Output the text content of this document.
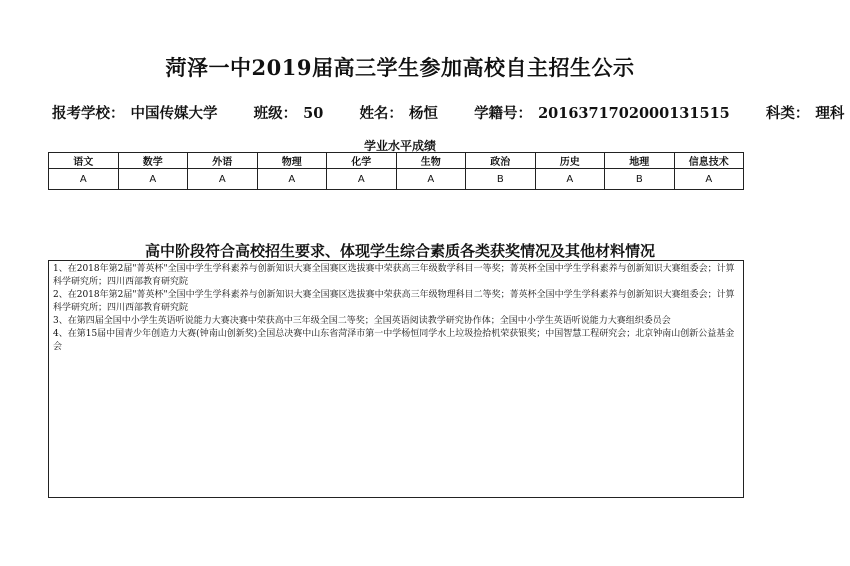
菏泽一中2019届高三学生参加高校自主招生公示
报考学校： 中国传媒大学 班级： 50 姓名： 杨恒 学籍号： 2016371702000131515 科类： 理科
学业水平成绩
语文	数学	外语	物理	化学	生物	政治	历史	地理	信息技术
A	A	A	A	A	A	B	A	B	A
高中阶段符合高校招生要求、体现学生综合素质各类获奖情况及其他材料情况

1、在2018年第2届"菁英杯"全国中学生学科素养与创新知识大赛全国赛区选拔赛中荣获高三年级数学科目一等奖；菁英杯全国中学生学科素养与创新知识大赛组委会；计算科学研究所；四川西部教育研究院

2、在2018年第2届"菁英杯"全国中学生学科素养与创新知识大赛全国赛区选拔赛中荣获高三年级物理科目二等奖；菁英杯全国中学生学科素养与创新知识大赛组委会；计算科学研究所；四川西部教育研究院

3、在第四届全国中小学生英语听说能力大赛决赛中荣获高中三年级全国二等奖；全国英语阅读教学研究协作体；全国中小学生英语听说能力大赛组织委员会

4、在第15届中国青少年创造力大赛(钟南山创新奖)全国总决赛中山东省菏泽市第一中学杨恒同学水上垃圾捡拾机荣获银奖；中国智慧工程研究会；北京钟南山创新公益基金会
